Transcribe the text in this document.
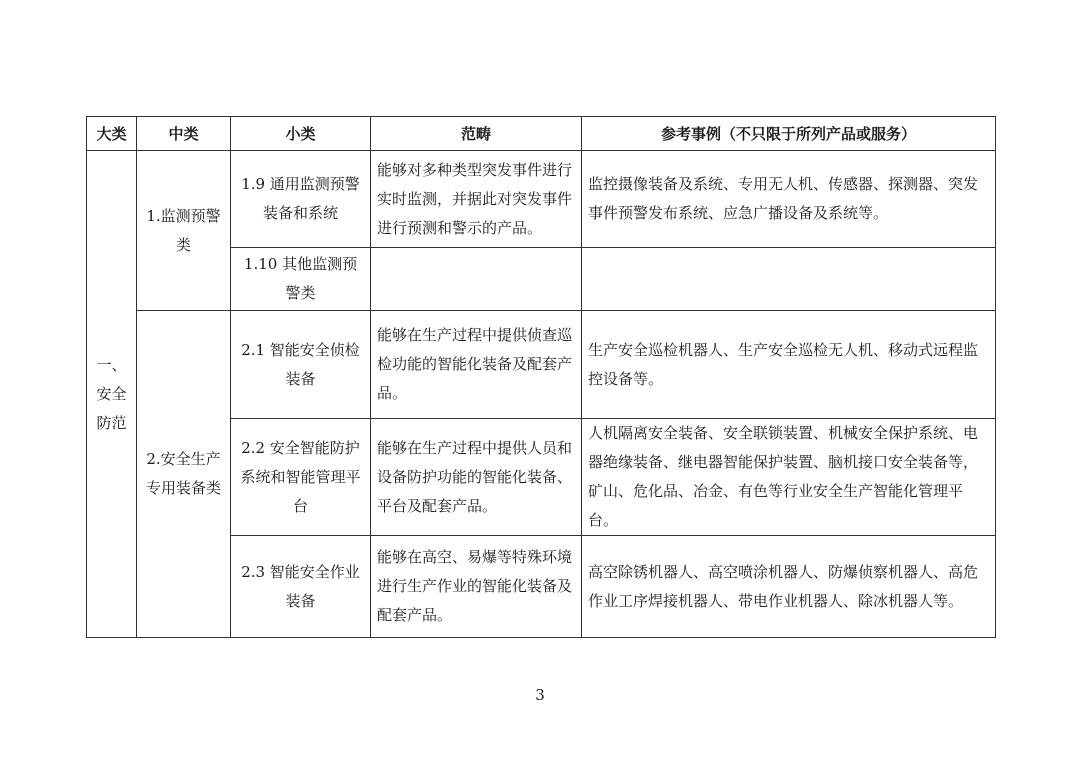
大类	中类	小类	范畴	参考事例（不只限于所列产品或服务）
一、安全防范	1.监测预警类	1.9 通用监测预警装备和系统	能够对多种类型突发事件进行实时监测，并据此对突发事件进行预测和警示的产品。	监控摄像装备及系统、专用无人机、传感器、探测器、突发事件预警发布系统、应急广播设备及系统等。
		1.10 其他监测预警类		
	2.安全生产专用装备类	2.1 智能安全侦检装备	能够在生产过程中提供侦查巡检功能的智能化装备及配套产品。	生产安全巡检机器人、生产安全巡检无人机、移动式远程监控设备等。
		2.2 安全智能防护系统和智能管理平台	能够在生产过程中提供人员和设备防护功能的智能化装备、平台及配套产品。	人机隔离安全装备、安全联锁装置、机械安全保护系统、电器绝缘装备、继电器智能保护装置、脑机接口安全装备等，矿山、危化品、冶金、有色等行业安全生产智能化管理平台。
		2.3 智能安全作业装备	能够在高空、易爆等特殊环境进行生产作业的智能化装备及配套产品。	高空除锈机器人、高空喷涂机器人、防爆侦察机器人、高危作业工序焊接机器人、带电作业机器人、除冰机器人等。
3
